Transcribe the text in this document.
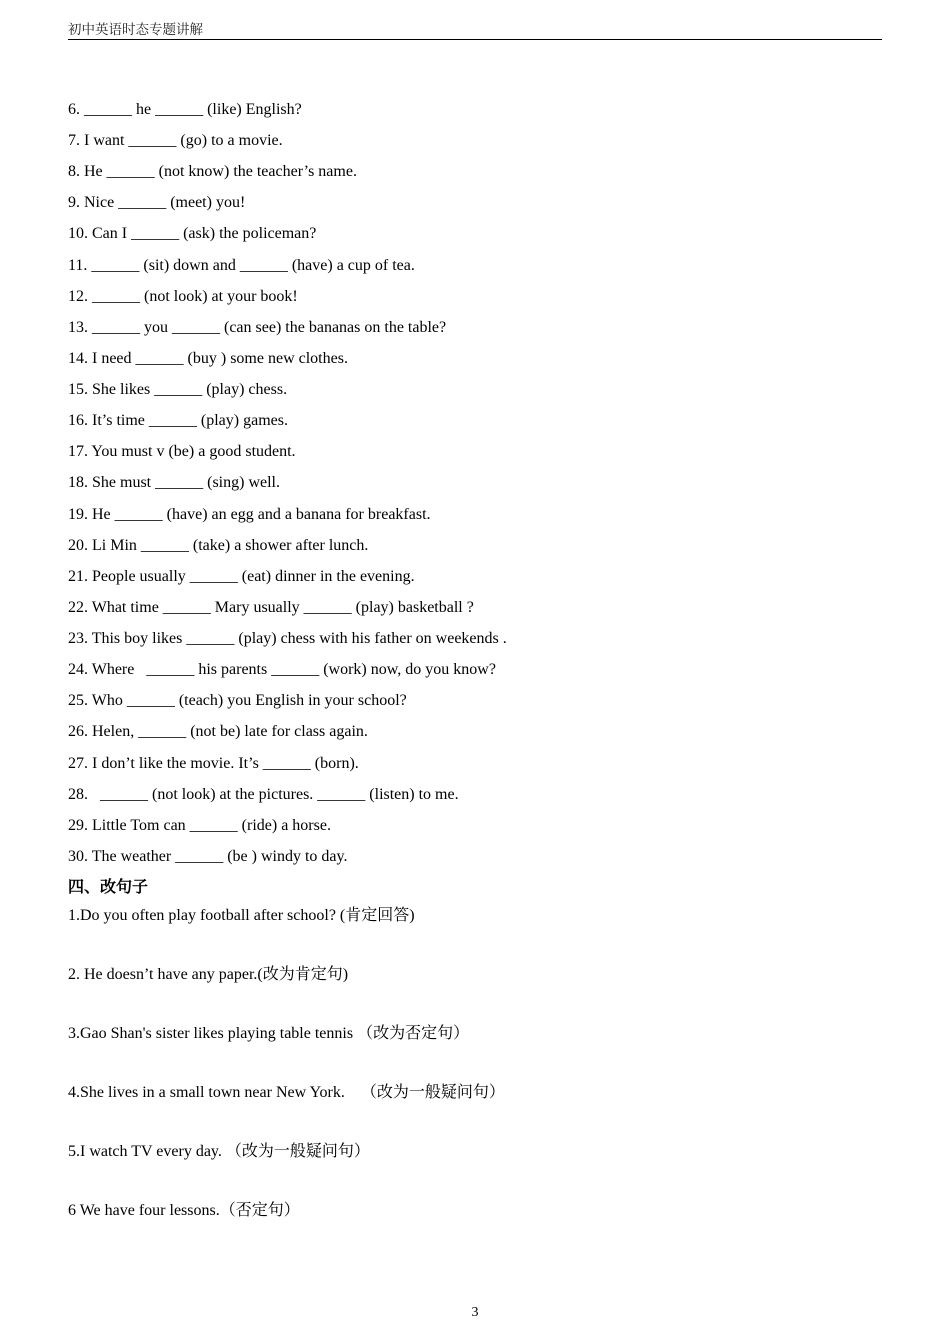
初中英语时态专题讲解
6. ______ he ______ (like) English?
7. I want ______ (go) to a movie.
8. He ______ (not know) the teacher’s name.
9. Nice ______ (meet) you!
10. Can I ______ (ask) the policeman?
11. ______ (sit) down and ______ (have) a cup of tea.
12. ______ (not look) at your book!
13. ______ you ______ (can see) the bananas on the table?
14. I need ______ (buy ) some new clothes.
15. She likes ______ (play) chess.
16. It’s time ______ (play) games.
17. You must v (be) a good student.
18. She must ______ (sing) well.
19. He ______ (have) an egg and a banana for breakfast.
20. Li Min ______ (take) a shower after lunch.
21. People usually ______ (eat) dinner in the evening.
22. What time ______ Mary usually ______ (play) basketball ?
23. This boy likes ______ (play) chess with his father on weekends .
24. Where   ______ his parents ______ (work) now, do you know?
25. Who ______ (teach) you English in your school?
26. Helen, ______ (not be) late for class again.
27. I don’t like the movie. It’s ______ (born).
28.   ______ (not look) at the pictures. ______ (listen) to me.
29. Little Tom can ______ (ride) a horse.
30. The weather ______ (be ) windy to day.
四、改句子
1.Do you often play football after school? (肯定回答)
2. He doesn’t have any paper.(改为肯定句)
3.Gao Shan's sister likes playing table tennis （改为否定句）
4.She lives in a small town near New York.    （改为一般疑问句）
5.I watch TV every day. （改为一般疑问句）
6 We have four lessons.（否定句）
3
